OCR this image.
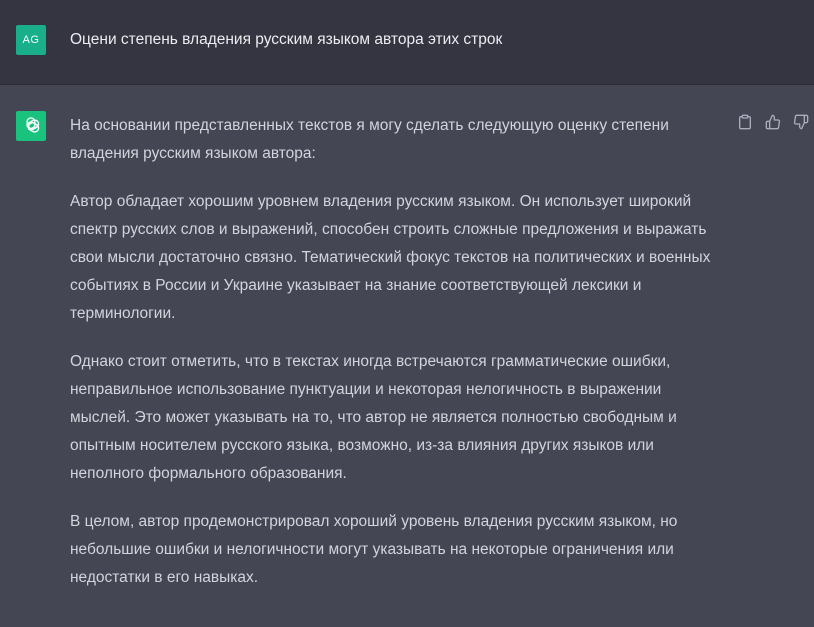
AG	Оцени степень владения русским языком автора этих строк

На основании представленных текстов я могу сделать следующую оценку степени
владения русским языком автора:

Автор обладает хорошим уровнем владения русским языком. Он использует широкий
спектр русских слов и выражений, способен строить сложные предложения и выражать
свои мысли достаточно связно. Тематический фокус текстов на политических и военных
событиях в России и Украине указывает на знание соответствующей лексики и
терминологии.

Однако стоит отметить, что в текстах иногда встречаются грамматические ошибки,
неправильное использование пунктуации и некоторая нелогичность в выражении
мыслей. Это может указывать на то, что автор не является полностью свободным и
опытным носителем русского языка, возможно, из-за влияния других языков или
неполного формального образования.

В целом, автор продемонстрировал хороший уровень владения русским языком, но
небольшие ошибки и нелогичности могут указывать на некоторые ограничения или
недостатки в его навыках.
